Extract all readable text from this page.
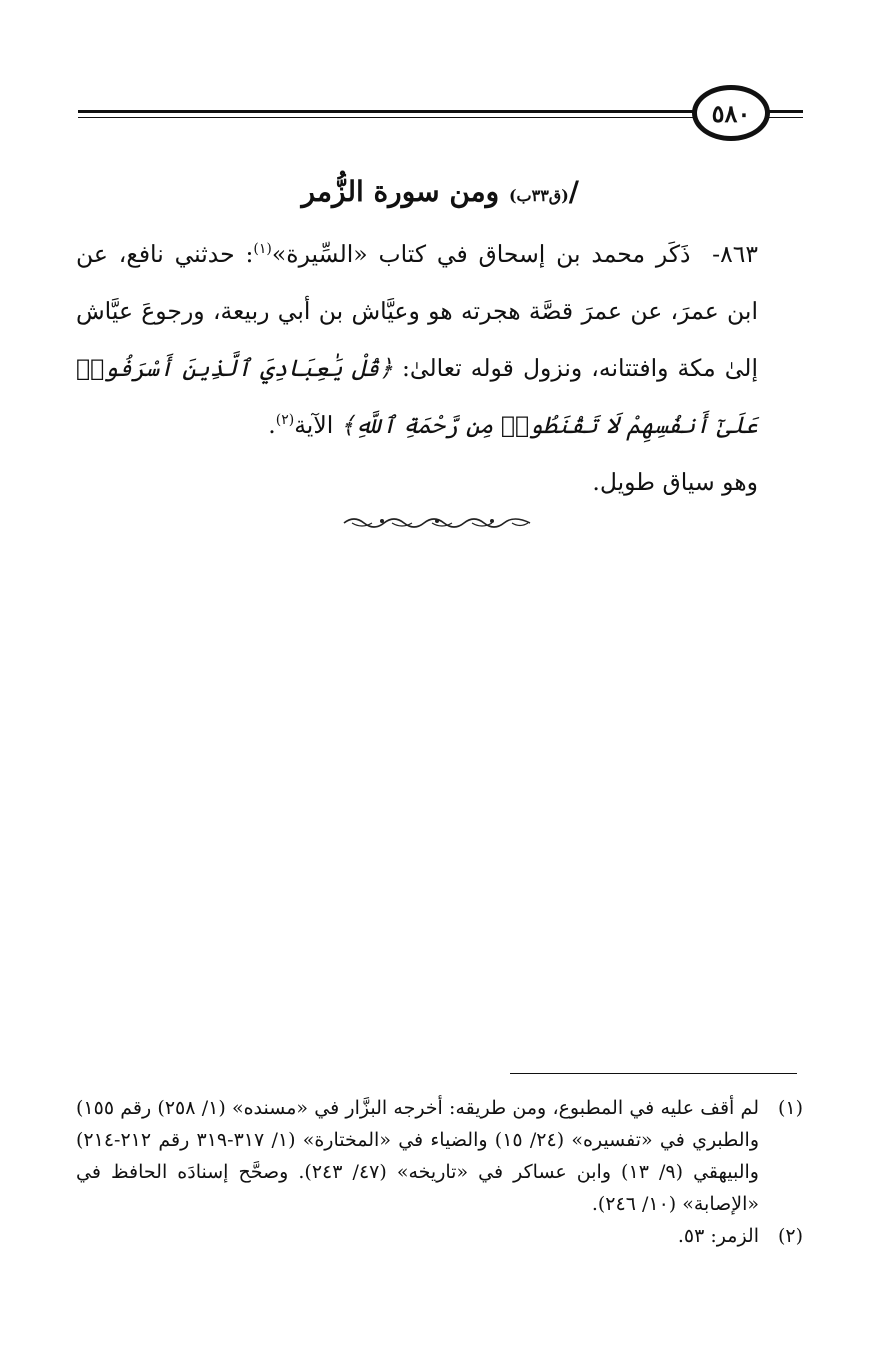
٥٨٠
/(ق٣٣ب) ومن سورة الزُّمر

٨٦٣-  ذَكَر محمد بن إسحاق في كتاب «السِّيرة»$^{(١)}$: حدثني نافع، عن ابن عمرَ، عن عمرَ قصَّة هجرته هو وعيَّاش بن أبي ربيعة، ورجوعَ عيَّاش إلىٰ مكة وافتتانه، ونزول قوله تعالىٰ: ﴿قُلْ يَٰعِبَادِيَ ٱلَّذِينَ أَسْرَفُوا۟ عَلَىٰٓ أَنفُسِهِمْ لَا تَقْنَطُوا۟ مِن رَّحْمَةِ ٱللَّهِ﴾ الآية$^{(٢)}$.

وهو سياق طويل.

(١)
لم أقف عليه في المطبوع، ومن طريقه: أخرجه البزَّار في «مسنده» (١/ ٢٥٨) رقم ١٥٥) والطبري في «تفسيره» (٢٤/ ١٥) والضياء في «المختارة» (١/ ٣١٧-٣١٩ رقم ٢١٢-٢١٤) والبيهقي (٩/ ١٣) وابن عساكر في «تاريخه» (٤٧/ ٢٤٣). وصحَّح إسنادَه الحافظ في «الإصابة» (١٠/ ٢٤٦).
(٢)
الزمر: ٥٣.
